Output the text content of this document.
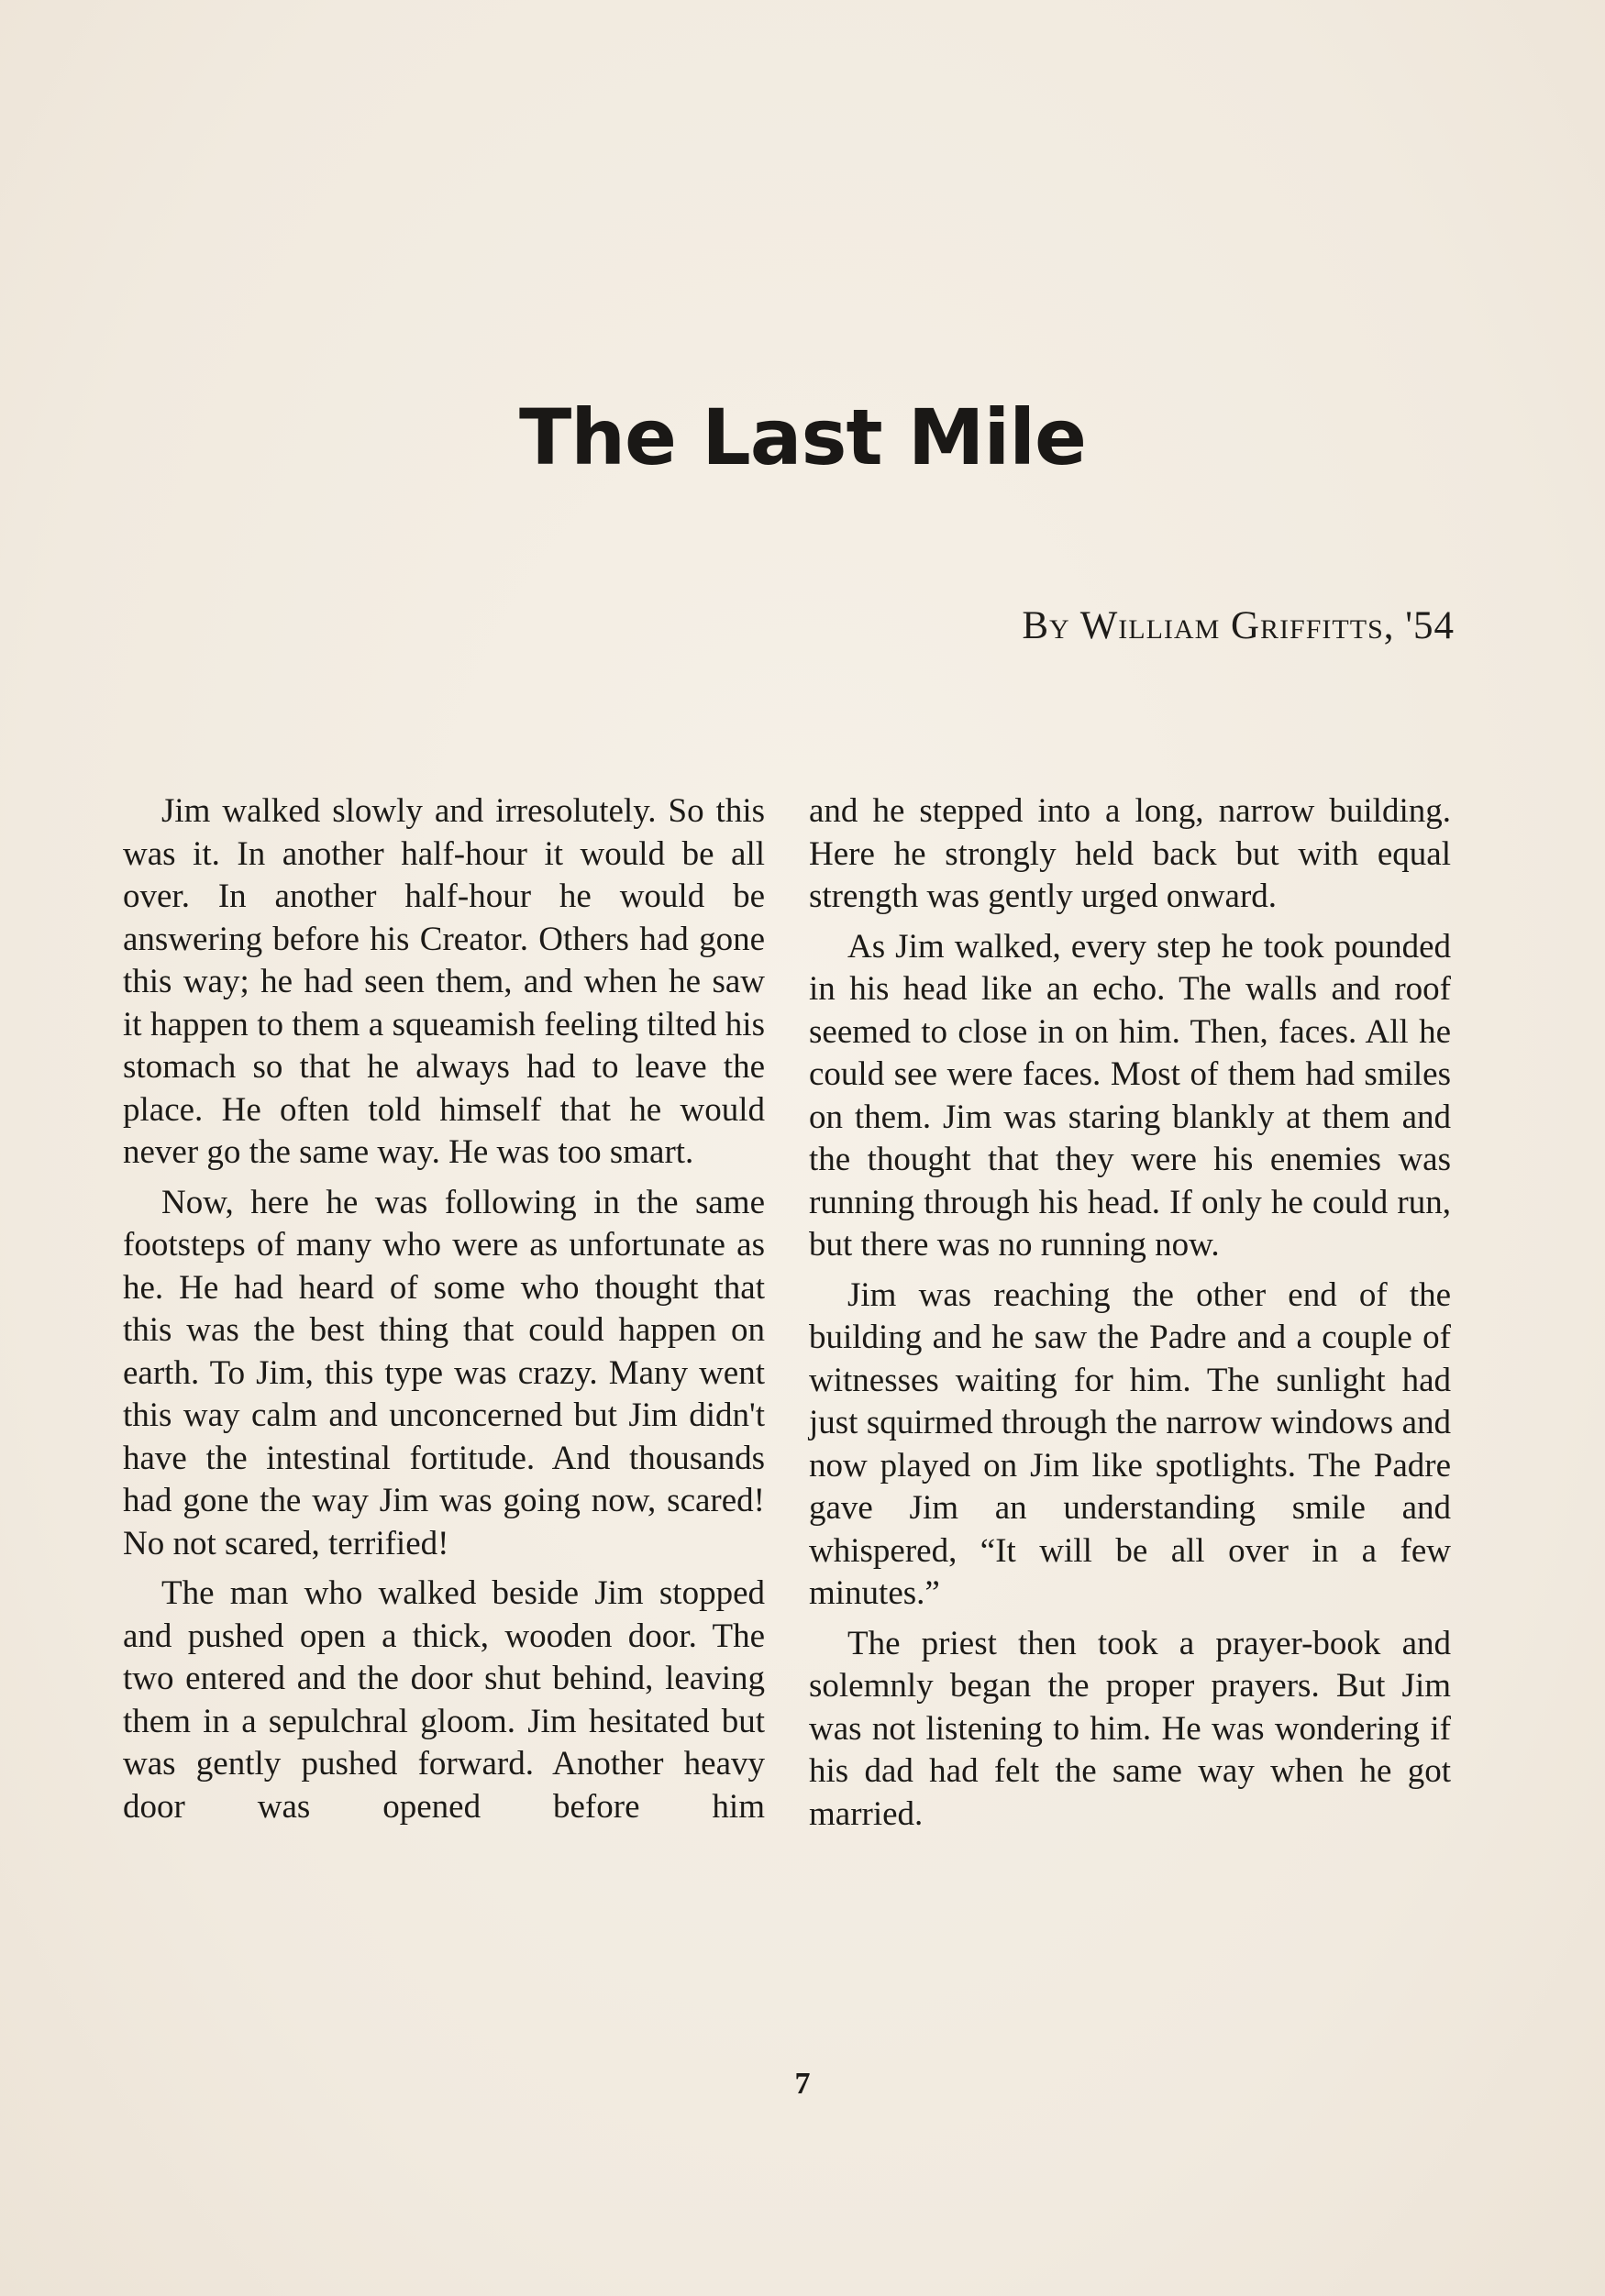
The Last Mile

By William Griffitts, '54

Jim walked slowly and irresolutely. So this was it. In another half-hour it would be all over. In another half-hour he would be answering before his Creator. Others had gone this way; he had seen them, and when he saw it happen to them a squeamish feeling tilted his stomach so that he always had to leave the place. He often told himself that he would never go the same way. He was too smart.

Now, here he was following in the same footsteps of many who were as unfortunate as he. He had heard of some who thought that this was the best thing that could happen on earth. To Jim, this type was crazy. Many went this way calm and unconcerned but Jim didn't have the intestinal fortitude. And thousands had gone the way Jim was going now, scared! No not scared, terrified!

The man who walked beside Jim stopped and pushed open a thick, wooden door. The two entered and the door shut behind, leaving them in a sepulchral gloom. Jim hesitated but was gently pushed forward. Another heavy door was opened before him

and he stepped into a long, narrow building. Here he strongly held back but with equal strength was gently urged onward.

As Jim walked, every step he took pounded in his head like an echo. The walls and roof seemed to close in on him. Then, faces. All he could see were faces. Most of them had smiles on them. Jim was staring blankly at them and the thought that they were his enemies was running through his head. If only he could run, but there was no running now.

Jim was reaching the other end of the building and he saw the Padre and a couple of witnesses waiting for him. The sunlight had just squirmed through the narrow windows and now played on Jim like spotlights. The Padre gave Jim an understanding smile and whispered, “It will be all over in a few minutes.”

The priest then took a prayer-book and solemnly began the proper prayers. But Jim was not listening to him. He was wondering if his dad had felt the same way when he got married.

7
